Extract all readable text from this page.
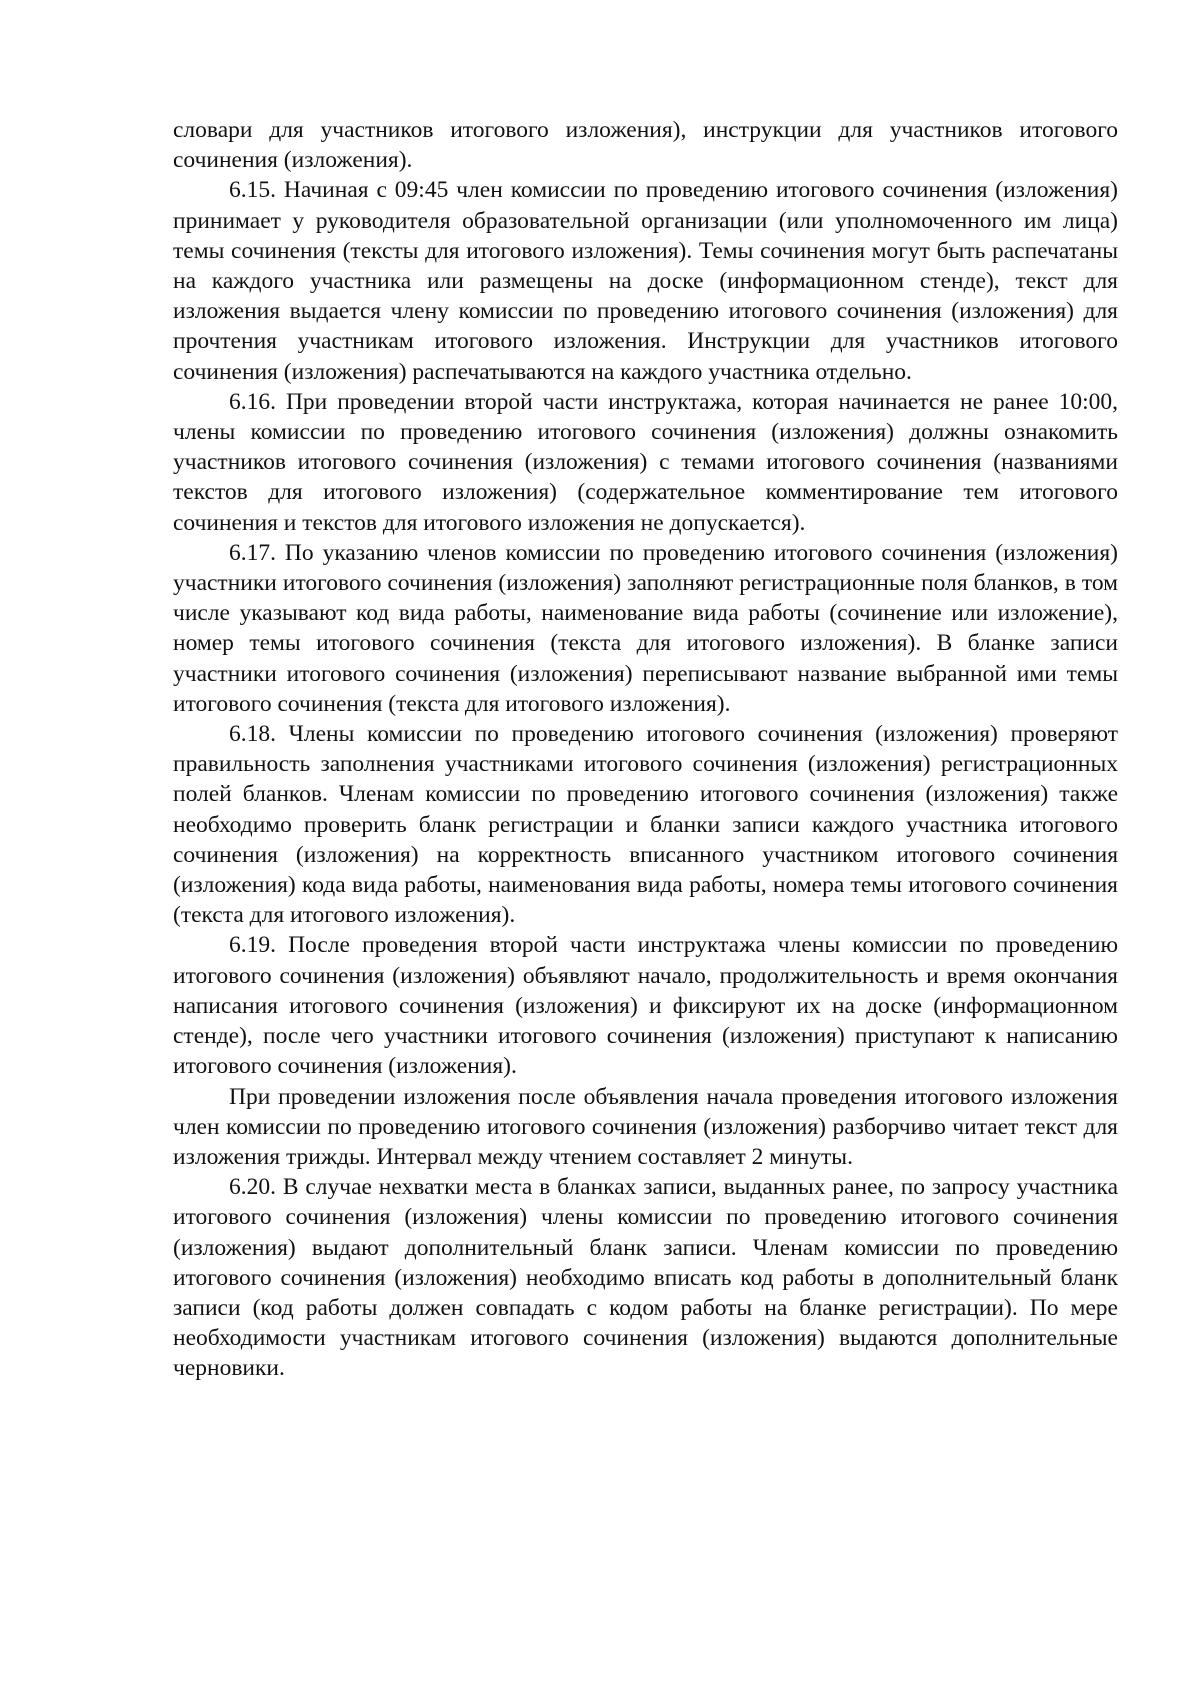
словари для участников итогового изложения), инструкции для участников итогового сочинения (изложения).

6.15. Начиная с 09:45 член комиссии по проведению итогового сочинения (изложения) принимает у руководителя образовательной организации (или уполномоченного им лица) темы сочинения (тексты для итогового изложения). Темы сочинения могут быть распечатаны на каждого участника или размещены на доске (информационном стенде), текст для изложения выдается члену комиссии по проведению итогового сочинения (изложения) для прочтения участникам итогового изложения. Инструкции для участников итогового сочинения (изложения) распечатываются на каждого участника отдельно.

6.16. При проведении второй части инструктажа, которая начинается не ранее 10:00, члены комиссии по проведению итогового сочинения (изложения) должны ознакомить участников итогового сочинения (изложения) с темами итогового сочинения (названиями текстов для итогового изложения) (содержательное комментирование тем итогового сочинения и текстов для итогового изложения не допускается).

6.17. По указанию членов комиссии по проведению итогового сочинения (изложения) участники итогового сочинения (изложения) заполняют регистрационные поля бланков, в том числе указывают код вида работы, наименование вида работы (сочинение или изложение), номер темы итогового сочинения (текста для итогового изложения). В бланке записи участники итогового сочинения (изложения) переписывают название выбранной ими темы итогового сочинения (текста для итогового изложения).

6.18. Члены комиссии по проведению итогового сочинения (изложения) проверяют правильность заполнения участниками итогового сочинения (изложения) регистрационных полей бланков. Членам комиссии по проведению итогового сочинения (изложения) также необходимо проверить бланк регистрации и бланки записи каждого участника итогового сочинения (изложения) на корректность вписанного участником итогового сочинения (изложения) кода вида работы, наименования вида работы, номера темы итогового сочинения (текста для итогового изложения).

6.19. После проведения второй части инструктажа члены комиссии по проведению итогового сочинения (изложения) объявляют начало, продолжительность и время окончания написания итогового сочинения (изложения) и фиксируют их на доске (информационном стенде), после чего участники итогового сочинения (изложения) приступают к написанию итогового сочинения (изложения).

При проведении изложения после объявления начала проведения итогового изложения член комиссии по проведению итогового сочинения (изложения) разборчиво читает текст для изложения трижды. Интервал между чтением составляет 2 минуты.

6.20. В случае нехватки места в бланках записи, выданных ранее, по запросу участника итогового сочинения (изложения) члены комиссии по проведению итогового сочинения (изложения) выдают дополнительный бланк записи. Членам комиссии по проведению итогового сочинения (изложения) необходимо вписать код работы в дополнительный бланк записи (код работы должен совпадать с кодом работы на бланке регистрации). По мере необходимости участникам итогового сочинения (изложения) выдаются дополнительные черновики.
